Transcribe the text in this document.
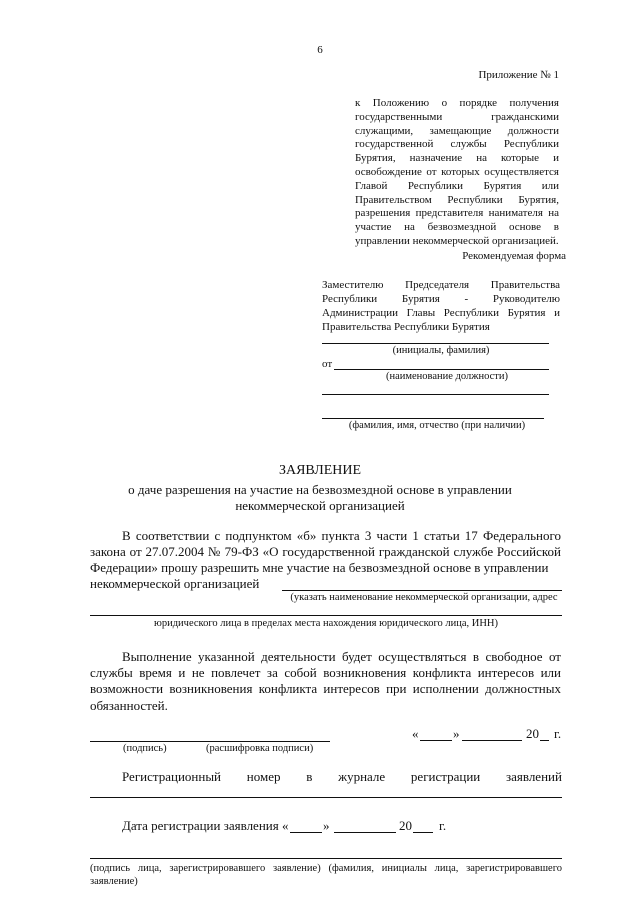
6
Приложение № 1
к Положению о порядке получения государственными гражданскими служащими, замещающие должности государственной службы Республики Бурятия, назначение на которые и освобождение от которых осуществляется Главой Республики Бурятия или Правительством Республики Бурятия, разрешения представителя нанимателя на участие на безвозмездной основе в управлении некоммерческой организацией.
Рекомендуемая форма
Заместителю Председателя Правительства Республики Бурятия - Руководителю Администрации Главы Республики Бурятия и Правительства Республики Бурятия
(инициалы, фамилия)
от
(наименование должности)
(фамилия, имя, отчество (при наличии)
ЗАЯВЛЕНИЕ
о даче разрешения на участие на безвозмездной основе в управлении
некоммерческой организацией
В соответствии с подпунктом «б» пункта 3 части 1 статьи 17 Федерального закона от 27.07.2004 № 79-ФЗ «О государственной гражданской службе Российской Федерации» прошу разрешить мне участие на безвозмездной основе в управлении
некоммерческой организацией
(указать наименование некоммерческой организации, адрес
юридического лица в пределах места нахождения юридического лица, ИНН)
Выполнение указанной деятельности будет осуществляться в свободное от службы время и не повлечет за собой возникновения конфликта интересов или возможности возникновения конфликта интересов при исполнении должностных обязанностей.
(подпись)	(расшифровка подписи)
«	»	20 г.
Регистрационный номер в журнале регистрации заявлений
Дата регистрации заявления «	»	20 г.
(подпись лица, зарегистрировавшего заявление) (фамилия, инициалы лица, зарегистрировавшего заявление)
